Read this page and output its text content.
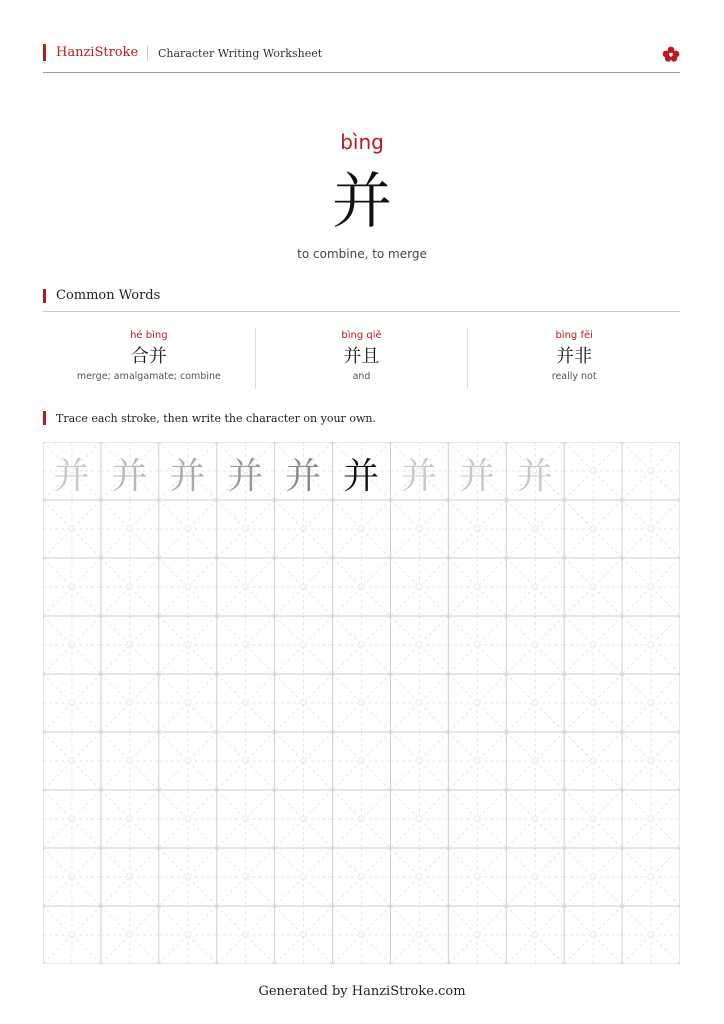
HanziStroke Character Writing Worksheet
bìng
并
to combine, to merge
Common Words
hé bìng
合并
merge; amalgamate; combine
bìng qiě
并且
and
bìng fēi
并非
really not
Trace each stroke, then write the character on your own.
并 并 并 并 并 并 并 并 并
Generated by HanziStroke.com
